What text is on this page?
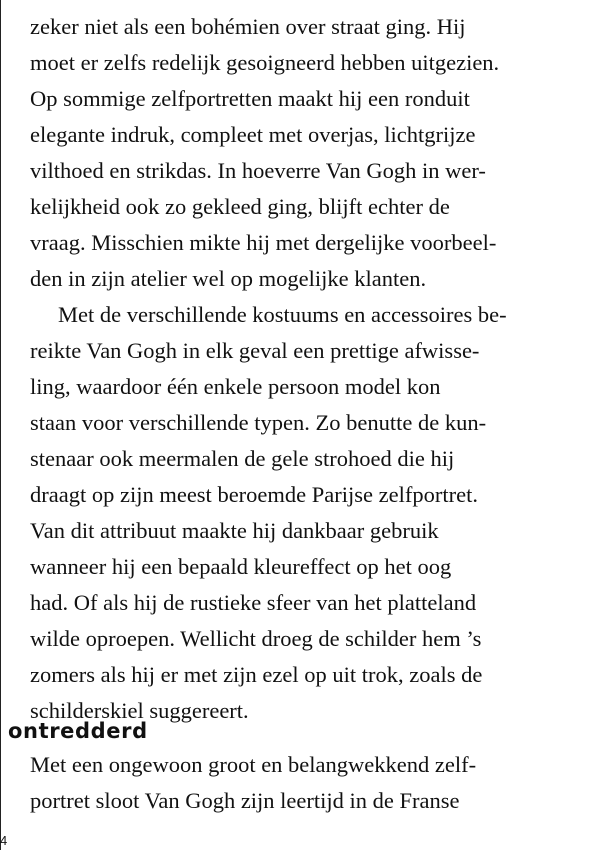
zeker niet als een bohémien over straat ging. Hij
moet er zelfs redelijk gesoigneerd hebben uitgezien.
Op sommige zelfportretten maakt hij een ronduit
elegante indruk, compleet met overjas, lichtgrijze
vilthoed en strikdas. In hoeverre Van Gogh in wer-
kelijkheid ook zo gekleed ging, blijft echter de
vraag. Misschien mikte hij met dergelijke voorbeel-
den in zijn atelier wel op mogelijke klanten.
Met de verschillende kostuums en accessoires be-
reikte Van Gogh in elk geval een prettige afwisse-
ling, waardoor één enkele persoon model kon
staan voor verschillende typen. Zo benutte de kun-
stenaar ook meermalen de gele strohoed die hij
draagt op zijn meest beroemde Parijse zelfportret.
Van dit attribuut maakte hij dankbaar gebruik
wanneer hij een bepaald kleureffect op het oog
had. Of als hij de rustieke sfeer van het platteland
wilde oproepen. Wellicht droeg de schilder hem ’s
zomers als hij er met zijn ezel op uit trok, zoals de
schilderskiel suggereert.
ontredderd
Met een ongewoon groot en belangwekkend zelf-
portret sloot Van Gogh zijn leertijd in de Franse
4
